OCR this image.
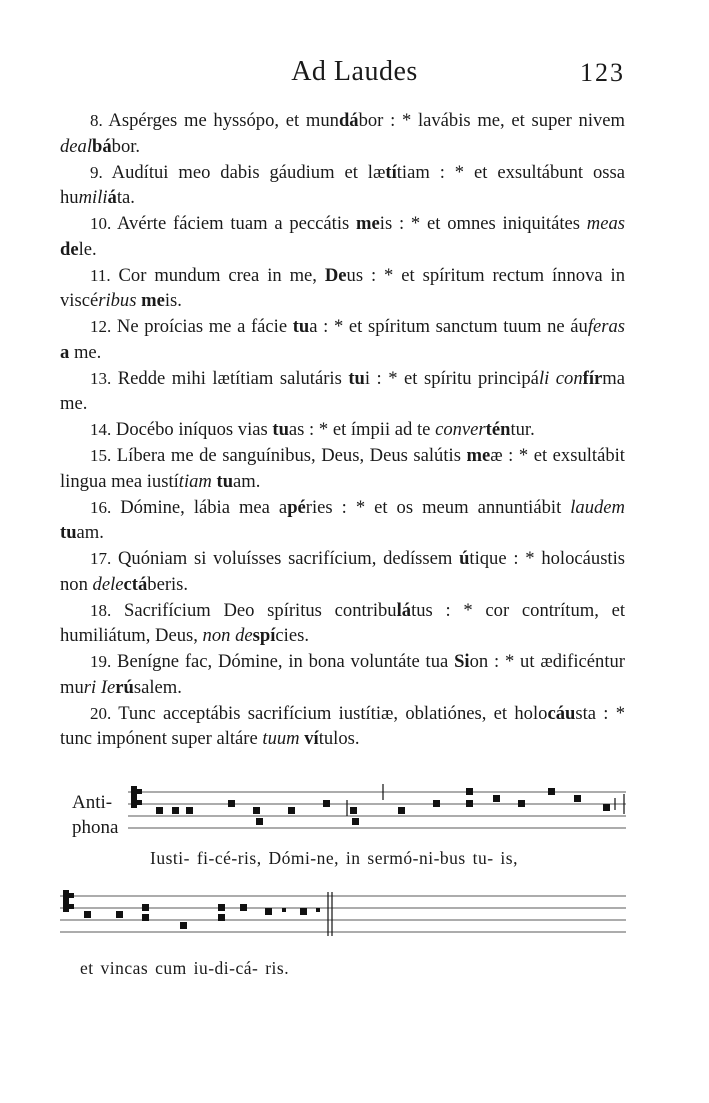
Ad Laudes	123
8. Aspérges me hyssópo, et mundábor : * lavábis me, et super nivem dealbábor.
9. Audítui meo dabis gáudium et lætítiam : * et exsultábunt ossa humiliáta.
10. Avérte fáciem tuam a peccátis meis : * et omnes iniquitátes meas dele.
11. Cor mundum crea in me, Deus : * et spíritum rectum ínnova in viscéribus meis.
12. Ne proícias me a fácie tua : * et spíritum sanctum tuum ne áuferas a me.
13. Redde mihi lætítiam salutáris tui : * et spíritu principáli confírma me.
14. Docébo iníquos vias tuas : * et ímpii ad te converténtur.
15. Líbera me de sanguínibus, Deus, Deus salútis meæ : * et exsultábit lingua mea iustítiam tuam.
16. Dómine, lábia mea apéries : * et os meum annuntiábit laudem tuam.
17. Quóniam si voluísses sacrifícium, dedíssem útique : * holocáustis non delectáberis.
18. Sacrifícium Deo spíritus contribulátus : * cor contrítum, et humiliátum, Deus, non despícies.
19. Benígne fac, Dómine, in bona voluntáte tua Sion : * ut ædificéntur muri Ierúsalem.
20. Tunc acceptábis sacrifícium iustítiæ, oblatiónes, et holocáusta : * tunc impónent super altáre tuum vítulos.
Anti-
phona
Iusti- fi-cé-ris, Dómi-ne, in sermó-ni-bus tu- is,
et vincas cum iu-di-cá- ris.
